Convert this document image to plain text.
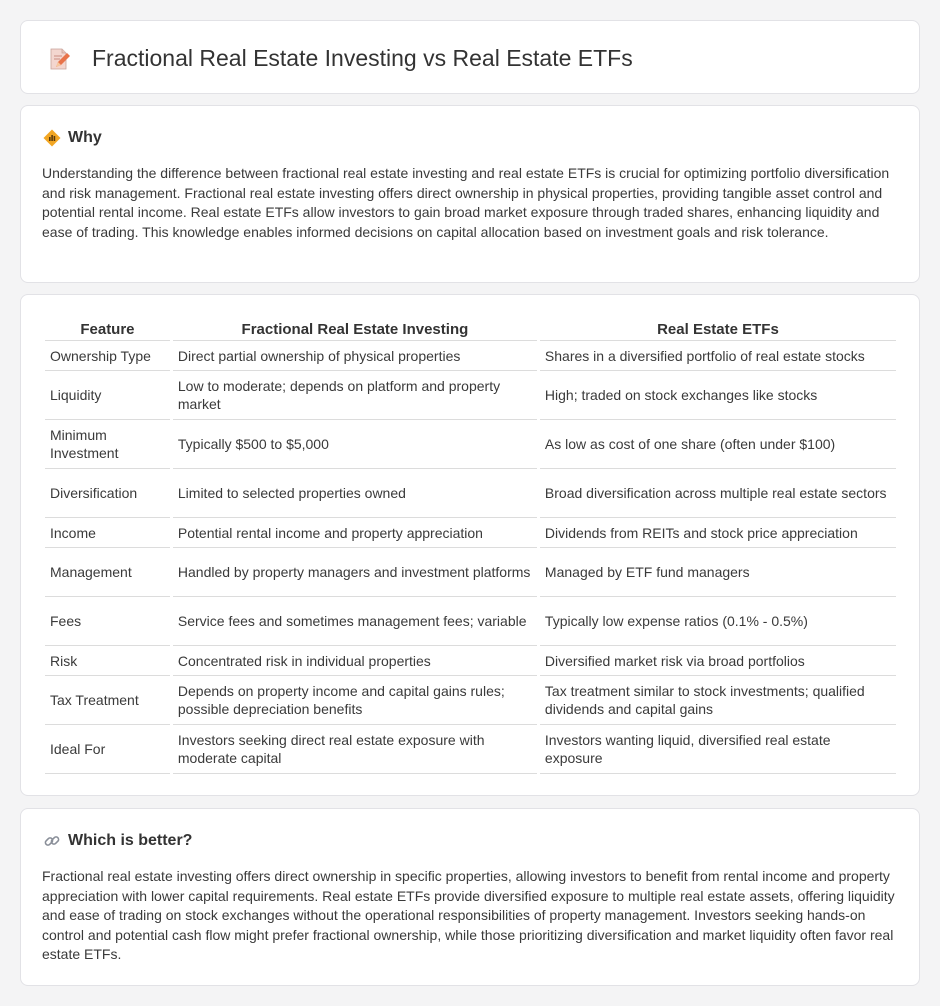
Fractional Real Estate Investing vs Real Estate ETFs
Why

Understanding the difference between fractional real estate investing and real estate ETFs is crucial for optimizing portfolio diversification and risk management. Fractional real estate investing offers direct ownership in physical properties, providing tangible asset control and potential rental income. Real estate ETFs allow investors to gain broad market exposure through traded shares, enhancing liquidity and ease of trading. This knowledge enables informed decisions on capital allocation based on investment goals and risk tolerance.

Feature	Fractional Real Estate Investing	Real Estate ETFs
Ownership Type	Direct partial ownership of physical properties	Shares in a diversified portfolio of real estate stocks
Liquidity	Low to moderate; depends on platform and property market	High; traded on stock exchanges like stocks
Minimum Investment	Typically $500 to $5,000	As low as cost of one share (often under $100)
Diversification	Limited to selected properties owned	Broad diversification across multiple real estate sectors
Income	Potential rental income and property appreciation	Dividends from REITs and stock price appreciation
Management	Handled by property managers and investment platforms	Managed by ETF fund managers
Fees	Service fees and sometimes management fees; variable	Typically low expense ratios (0.1% - 0.5%)
Risk	Concentrated risk in individual properties	Diversified market risk via broad portfolios
Tax Treatment	Depends on property income and capital gains rules; possible depreciation benefits	Tax treatment similar to stock investments; qualified dividends and capital gains
Ideal For	Investors seeking direct real estate exposure with moderate capital	Investors wanting liquid, diversified real estate exposure
Which is better?

Fractional real estate investing offers direct ownership in specific properties, allowing investors to benefit from rental income and property appreciation with lower capital requirements. Real estate ETFs provide diversified exposure to multiple real estate assets, offering liquidity and ease of trading on stock exchanges without the operational responsibilities of property management. Investors seeking hands-on control and potential cash flow might prefer fractional ownership, while those prioritizing diversification and market liquidity often favor real estate ETFs.
